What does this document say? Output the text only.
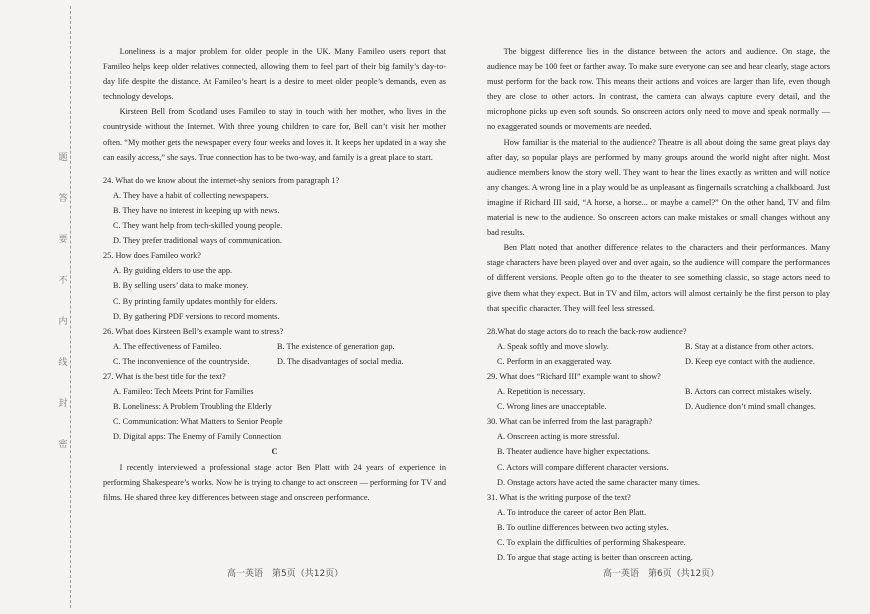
题
答
要
不
内
线
封
密

Loneliness is a major problem for older people in the UK. Many Famileo users report that Famileo helps keep older relatives connected, allowing them to feel part of their big family’s day-to-day life despite the distance. At Famileo’s heart is a desire to meet older people’s demands, even as technology develops.

Kirsteen Bell from Scotland uses Famileo to stay in touch with her mother, who lives in the countryside without the Internet. With three young children to care for, Bell can’t visit her mother often. “My mother gets the newspaper every four weeks and loves it. It keeps her updated in a way she can easily access,” she says. True connection has to be two-way, and family is a great place to start.

24. What do we know about the internet-shy seniors from paragraph 1?

A. They have a habit of collecting newspapers.

B. They have no interest in keeping up with news.

C. They want help from tech-skilled young people.

D. They prefer traditional ways of communication.

25. How does Famileo work?

A. By guiding elders to use the app.

B. By selling users’ data to make money.

C. By printing family updates monthly for elders.

D. By gathering PDF versions to record moments.

26. What does Kirsteen Bell’s example want to stress?

A. The effectiveness of Famileo.	B. The existence of generation gap.
C. The inconvenience of the countryside.	D. The disadvantages of social media.

27. What is the best title for the text?

A. Famileo: Tech Meets Print for Families

B. Loneliness: A Problem Troubling the Elderly

C. Communication: What Matters to Senior People

D. Digital apps: The Enemy of Family Connection

C

I recently interviewed a professional stage actor Ben Platt with 24 years of experience in performing Shakespeare’s works. Now he is trying to change to act onscreen — performing for TV and films. He shared three key differences between stage and onscreen performance.

The biggest difference lies in the distance between the actors and audience. On stage, the audience may be 100 feet or farther away. To make sure everyone can see and hear clearly, stage actors must perform for the back row. This means their actions and voices are larger than life, even though they are close to other actors. In contrast, the camera can always capture every detail, and the microphone picks up even soft sounds. So onscreen actors only need to move and speak normally — no exaggerated sounds or movements are needed.

How familiar is the material to the audience? Theatre is all about doing the same great plays day after day, so popular plays are performed by many groups around the world night after night. Most audience members know the story well. They want to hear the lines exactly as written and will notice any changes. A wrong line in a play would be as unpleasant as fingernails scratching a chalkboard. Just imagine if Richard III said, “A horse, a horse... or maybe a camel?” On the other hand, TV and film material is new to the audience. So onscreen actors can make mistakes or small changes without any bad results.

Ben Platt noted that another difference relates to the characters and their performances. Many stage characters have been played over and over again, so the audience will compare the performances of different versions. People often go to the theater to see something classic, so stage actors need to give them what they expect. But in TV and film, actors will almost certainly be the first person to play that specific character. They will feel less stressed.

28.What do stage actors do to reach the back-row audience?

A. Speak softly and move slowly.	B. Stay at a distance from other actors.
C. Perform in an exaggerated way.	D. Keep eye contact with the audience.

29. What does “Richard III” example want to show?

A. Repetition is necessary.	B. Actors can correct mistakes wisely.
C. Wrong lines are unacceptable.	D. Audience don’t mind small changes.

30. What can be inferred from the last paragraph?

A. Onscreen acting is more stressful.

B. Theater audience have higher expectations.

C. Actors will compare different character versions.

D. Onstage actors have acted the same character many times.

31. What is the writing purpose of the text?

A. To introduce the career of actor Ben Platt.

B. To outline differences between two acting styles.

C. To explain the difficulties of performing Shakespeare.

D. To argue that stage acting is better than onscreen acting.

高一英语　第5页（共12页）	高一英语　第6页（共12页）
